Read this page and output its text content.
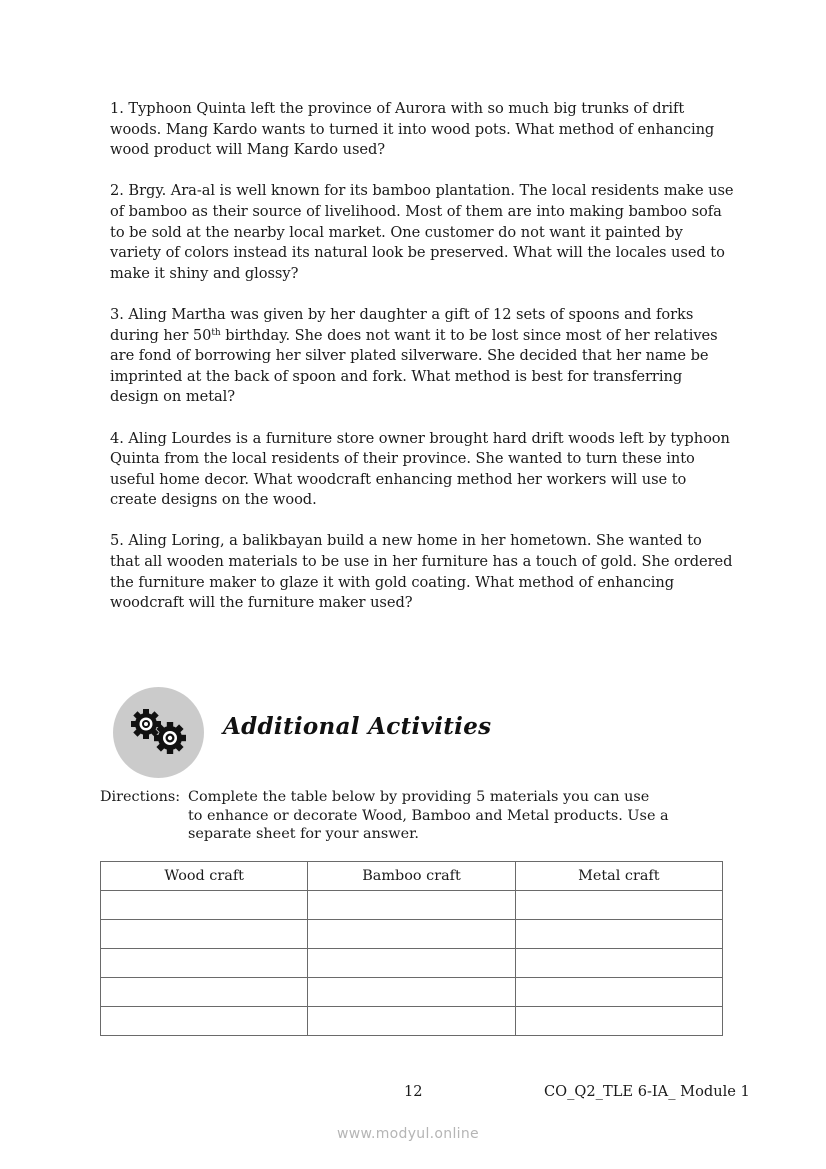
1. Typhoon Quinta left the province of Aurora with so much big trunks of drift woods. Mang Kardo wants to turned it into wood pots. What method of enhancing wood product will Mang Kardo used?

2. Brgy. Ara-al is well known for its bamboo plantation. The local residents make use of bamboo as their source of livelihood. Most of them are into making bamboo sofa to be sold at the nearby local market. One customer do not want it painted by variety of colors instead its natural look be preserved. What will the locales used to make it shiny and glossy?

3. Aling Martha was given by her daughter a gift of 12 sets of spoons and forks during her 50th birthday. She does not want it to be lost since most of her relatives are fond of borrowing her silver plated silverware. She decided that her name be imprinted at the back of spoon and fork. What method is best for transferring design on metal?

4. Aling Lourdes is a furniture store owner brought hard drift woods left by typhoon Quinta from the local residents of their province. She wanted to turn these into useful home decor. What woodcraft enhancing method her workers will use to create designs on the wood.

5. Aling Loring, a balikbayan build a new home in her hometown. She wanted to that all wooden materials to be use in her furniture has a touch of gold. She ordered the furniture maker to glaze it with gold coating. What method of enhancing woodcraft will the furniture maker used?

Additional Activities
Directions: Complete the table below by providing 5 materials you can use
to enhance or decorate Wood, Bamboo and Metal products. Use a
separate sheet for your answer.
Wood craft	Bamboo craft	Metal craft

12	CO_Q2_TLE 6-IA_ Module 1
www.modyul.online
